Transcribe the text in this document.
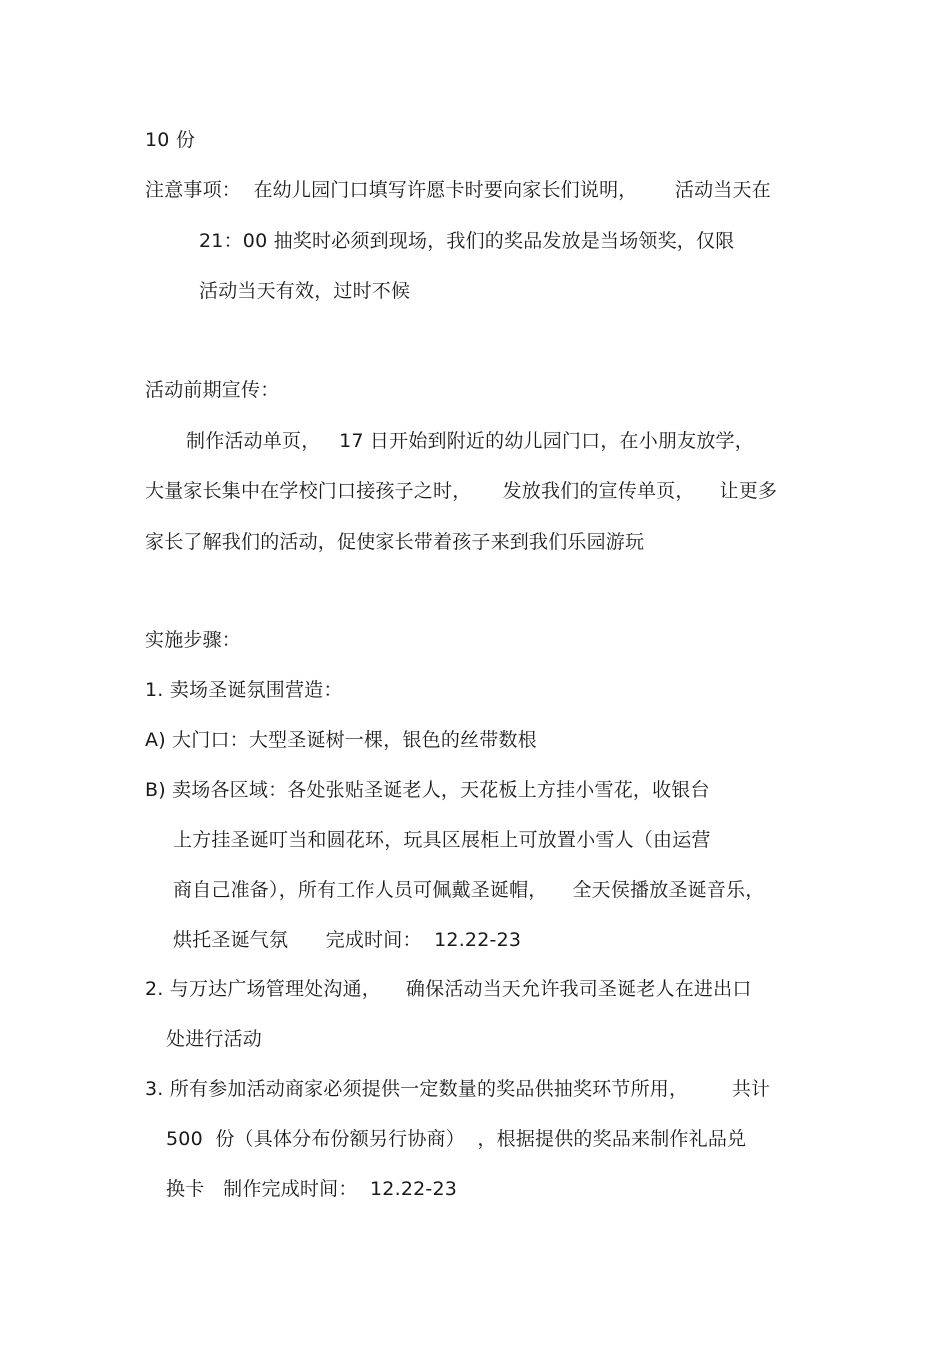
10 份
注意事项：  在幼儿园门口填写许愿卡时要向家长们说明，      活动当天在
21：00 抽奖时必须到现场，我们的奖品发放是当场领奖，仅限
活动当天有效，过时不候
活动前期宣传：
制作活动单页，   17 日开始到附近的幼儿园门口，在小朋友放学，
大量家长集中在学校门口接孩子之时，     发放我们的宣传单页，    让更多
家长了解我们的活动，促使家长带着孩子来到我们乐园游玩
实施步骤：
1. 卖场圣诞氛围营造：
A) 大门口：大型圣诞树一棵，银色的丝带数根
B) 卖场各区域：各处张贴圣诞老人，天花板上方挂小雪花，收银台
上方挂圣诞叮当和圆花环，玩具区展柜上可放置小雪人（由运营
商自己准备），所有工作人员可佩戴圣诞帽，    全天侯播放圣诞音乐，
烘托圣诞气氛      完成时间：  12.22-23
2. 与万达广场管理处沟通，    确保活动当天允许我司圣诞老人在进出口
处进行活动
3. 所有参加活动商家必须提供一定数量的奖品供抽奖环节所用，       共计
500  份（具体分布份额另行协商）  ，根据提供的奖品来制作礼品兑
换卡   制作完成时间：  12.22-23
